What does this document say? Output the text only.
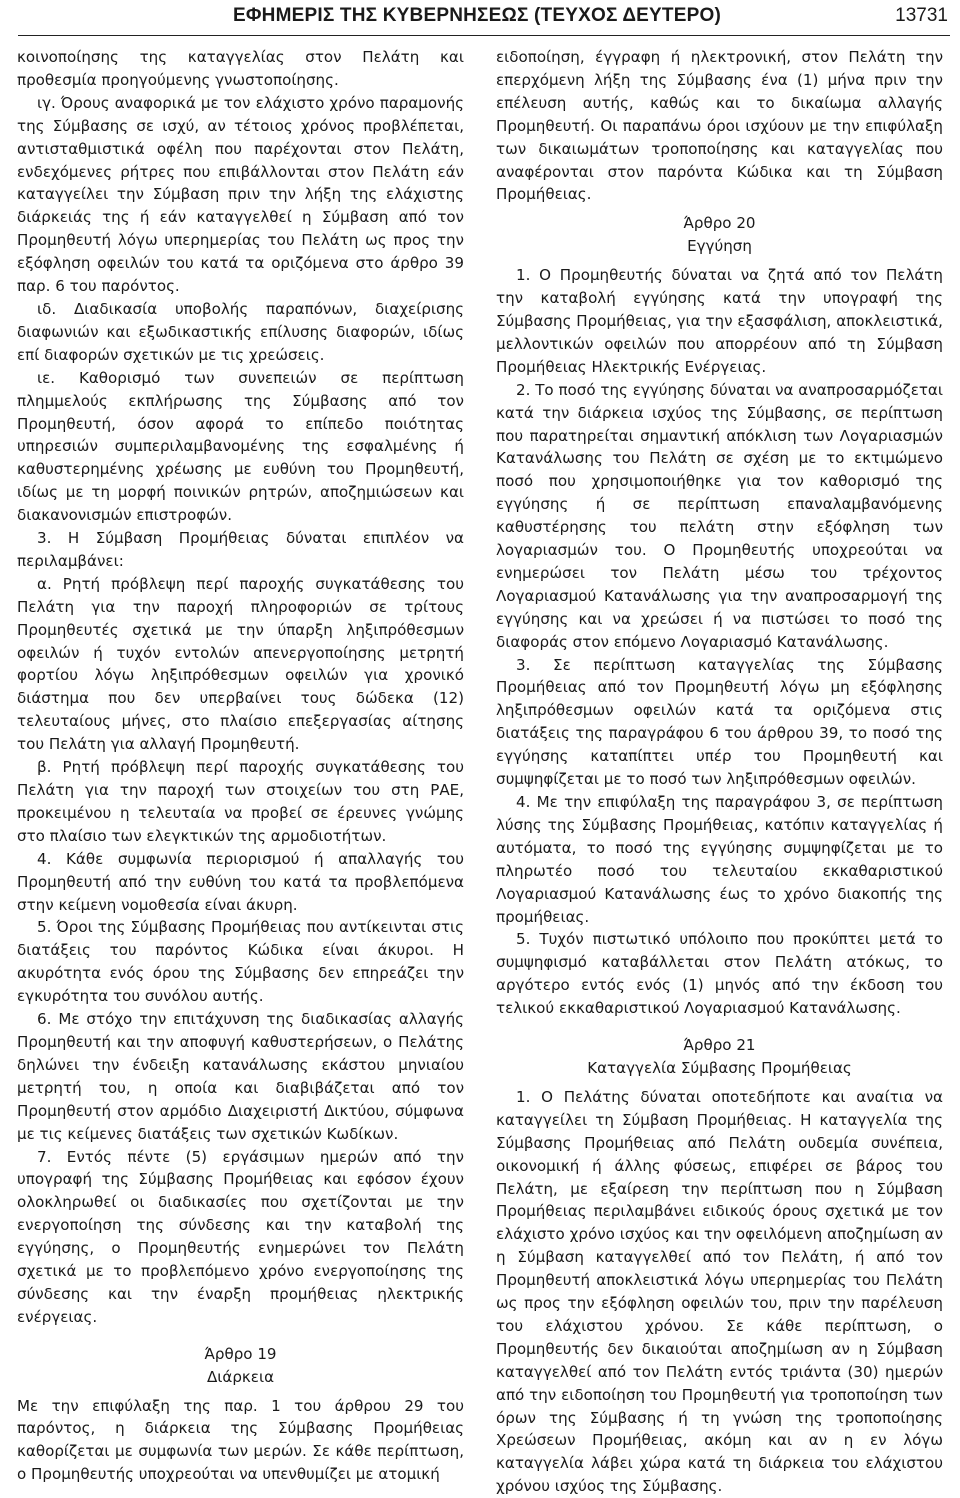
ΕΦΗΜΕΡΙΣ ΤΗΣ ΚΥΒΕΡΝΗΣΕΩΣ (ΤΕΥΧΟΣ ΔΕΥΤΕΡΟ)	13731

κοινοποίησης της καταγγελίας στον Πελάτη και προθεσμία προηγούμενης γνωστοποίησης.

ιγ. Όρους αναφορικά με τον ελάχιστο χρόνο παραμονής της Σύμβασης σε ισχύ, αν τέτοιος χρόνος προβλέπεται, αντισταθμιστικά οφέλη που παρέχονται στον Πελάτη, ενδεχόμενες ρήτρες που επιβάλλονται στον Πελάτη εάν καταγγείλει την Σύμβαση πριν την λήξη της ελάχιστης διάρκειάς της ή εάν καταγγελθεί η Σύμβαση από τον Προμηθευτή λόγω υπερημερίας του Πελάτη ως προς την εξόφληση οφειλών του κατά τα οριζόμενα στο άρθρο 39 παρ. 6 του παρόντος.

ιδ. Διαδικασία υποβολής παραπόνων, διαχείρισης διαφωνιών και εξωδικαστικής επίλυσης διαφορών, ιδίως επί διαφορών σχετικών με τις χρεώσεις.

ιε. Καθορισμό των συνεπειών σε περίπτωση πλημμελούς εκπλήρωσης της Σύμβασης από τον Προμηθευτή, όσον αφορά το επίπεδο ποιότητας υπηρεσιών συμπεριλαμβανομένης της εσφαλμένης ή καθυστερημένης χρέωσης με ευθύνη του Προμηθευτή, ιδίως με τη μορφή ποινικών ρητρών, αποζημιώσεων και διακανονισμών επιστροφών.

3. Η Σύμβαση Προμήθειας δύναται επιπλέον να περιλαμβάνει:

α. Ρητή πρόβλεψη περί παροχής συγκατάθεσης του Πελάτη για την παροχή πληροφοριών σε τρίτους Προμηθευτές σχετικά με την ύπαρξη ληξιπρόθεσμων οφειλών ή τυχόν εντολών απενεργοποίησης μετρητή φορτίου λόγω ληξιπρόθεσμων οφειλών για χρονικό διάστημα που δεν υπερβαίνει τους δώδεκα (12) τελευταίους μήνες, στο πλαίσιο επεξεργασίας αίτησης του Πελάτη για αλλαγή Προμηθευτή.

β. Ρητή πρόβλεψη περί παροχής συγκατάθεσης του Πελάτη για την παροχή των στοιχείων του στη ΡΑΕ, προκειμένου η τελευταία να προβεί σε έρευνες γνώμης στο πλαίσιο των ελεγκτικών της αρμοδιοτήτων.

4. Κάθε συμφωνία περιορισμού ή απαλλαγής του Προμηθευτή από την ευθύνη του κατά τα προβλεπόμενα στην κείμενη νομοθεσία είναι άκυρη.

5. Όροι της Σύμβασης Προμήθειας που αντίκεινται στις διατάξεις του παρόντος Κώδικα είναι άκυροι. Η ακυρότητα ενός όρου της Σύμβασης δεν επηρεάζει την εγκυρότητα του συνόλου αυτής.

6. Με στόχο την επιτάχυνση της διαδικασίας αλλαγής Προμηθευτή και την αποφυγή καθυστερήσεων, ο Πελάτης δηλώνει την ένδειξη κατανάλωσης εκάστου μηνιαίου μετρητή του, η οποία και διαβιβάζεται από τον Προμηθευτή στον αρμόδιο Διαχειριστή Δικτύου, σύμφωνα με τις κείμενες διατάξεις των σχετικών Κωδίκων.

7. Εντός πέντε (5) εργάσιμων ημερών από την υπογραφή της Σύμβασης Προμήθειας και εφόσον έχουν ολοκληρωθεί οι διαδικασίες που σχετίζονται με την ενεργοποίηση της σύνδεσης και την καταβολή της εγγύησης, ο Προμηθευτής ενημερώνει τον Πελάτη σχετικά με το προβλεπόμενο χρόνο ενεργοποίησης της σύνδεσης και την έναρξη προμήθειας ηλεκτρικής ενέργειας.

Άρθρο 19

Διάρκεια

Με την επιφύλαξη της παρ. 1 του άρθρου 29 του παρόντος, η διάρκεια της Σύμβασης Προμήθειας καθορίζεται με συμφωνία των μερών. Σε κάθε περίπτωση, ο Προμηθευτής υποχρεούται να υπενθυμίζει με ατομική

ειδοποίηση, έγγραφη ή ηλεκτρονική, στον Πελάτη την επερχόμενη λήξη της Σύμβασης ένα (1) μήνα πριν την επέλευση αυτής, καθώς και το δικαίωμα αλλαγής Προμηθευτή. Οι παραπάνω όροι ισχύουν με την επιφύλαξη των δικαιωμάτων τροποποίησης και καταγγελίας που αναφέρονται στον παρόντα Κώδικα και τη Σύμβαση Προμήθειας.

Άρθρο 20

Εγγύηση

1. Ο Προμηθευτής δύναται να ζητά από τον Πελάτη την καταβολή εγγύησης κατά την υπογραφή της Σύμβασης Προμήθειας, για την εξασφάλιση, αποκλειστικά, μελλοντικών οφειλών που απορρέουν από τη Σύμβαση Προμήθειας Ηλεκτρικής Ενέργειας.

2. Το ποσό της εγγύησης δύναται να αναπροσαρμόζεται κατά την διάρκεια ισχύος της Σύμβασης, σε περίπτωση που παρατηρείται σημαντική απόκλιση των Λογαριασμών Κατανάλωσης του Πελάτη σε σχέση με το εκτιμώμενο ποσό που χρησιμοποιήθηκε για τον καθορισμό της εγγύησης ή σε περίπτωση επαναλαμβανόμενης καθυστέρησης του πελάτη στην εξόφληση των λογαριασμών του. Ο Προμηθευτής υποχρεούται να ενημερώσει τον Πελάτη μέσω του τρέχοντος Λογαριασμού Κατανάλωσης για την αναπροσαρμογή της εγγύησης και να χρεώσει ή να πιστώσει το ποσό της διαφοράς στον επόμενο Λογαριασμό Κατανάλωσης.

3. Σε περίπτωση καταγγελίας της Σύμβασης Προμήθειας από τον Προμηθευτή λόγω μη εξόφλησης ληξιπρόθεσμων οφειλών κατά τα οριζόμενα στις διατάξεις της παραγράφου 6 του άρθρου 39, το ποσό της εγγύησης καταπίπτει υπέρ του Προμηθευτή και συμψηφίζεται με το ποσό των ληξιπρόθεσμων οφειλών.

4. Με την επιφύλαξη της παραγράφου 3, σε περίπτωση λύσης της Σύμβασης Προμήθειας, κατόπιν καταγγελίας ή αυτόματα, το ποσό της εγγύησης συμψηφίζεται με το πληρωτέο ποσό του τελευταίου εκκαθαριστικού Λογαριασμού Κατανάλωσης έως το χρόνο διακοπής της προμήθειας.

5. Τυχόν πιστωτικό υπόλοιπο που προκύπτει μετά το συμψηφισμό καταβάλλεται στον Πελάτη ατόκως, το αργότερο εντός ενός (1) μηνός από την έκδοση του τελικού εκκαθαριστικού Λογαριασμού Κατανάλωσης.

Άρθρο 21

Καταγγελία Σύμβασης Προμήθειας

1. Ο Πελάτης δύναται οποτεδήποτε και αναίτια να καταγγείλει τη Σύμβαση Προμήθειας. Η καταγγελία της Σύμβασης Προμήθειας από Πελάτη ουδεμία συνέπεια, οικονομική ή άλλης φύσεως, επιφέρει σε βάρος του Πελάτη, με εξαίρεση την περίπτωση που η Σύμβαση Προμήθειας περιλαμβάνει ειδικούς όρους σχετικά με τον ελάχιστο χρόνο ισχύος και την οφειλόμενη αποζημίωση αν η Σύμβαση καταγγελθεί από τον Πελάτη, ή από τον Προμηθευτή αποκλειστικά λόγω υπερημερίας του Πελάτη ως προς την εξόφληση οφειλών του, πριν την παρέλευση του ελάχιστου χρόνου. Σε κάθε περίπτωση, ο Προμηθευτής δεν δικαιούται αποζημίωση αν η Σύμβαση καταγγελθεί από τον Πελάτη εντός τριάντα (30) ημερών από την ειδοποίηση του Προμηθευτή για τροποποίηση των όρων της Σύμβασης ή τη γνώση της τροποποίησης Χρεώσεων Προμήθειας, ακόμη και αν η εν λόγω καταγγελία λάβει χώρα κατά τη διάρκεια του ελάχιστου χρόνου ισχύος της Σύμβασης.
